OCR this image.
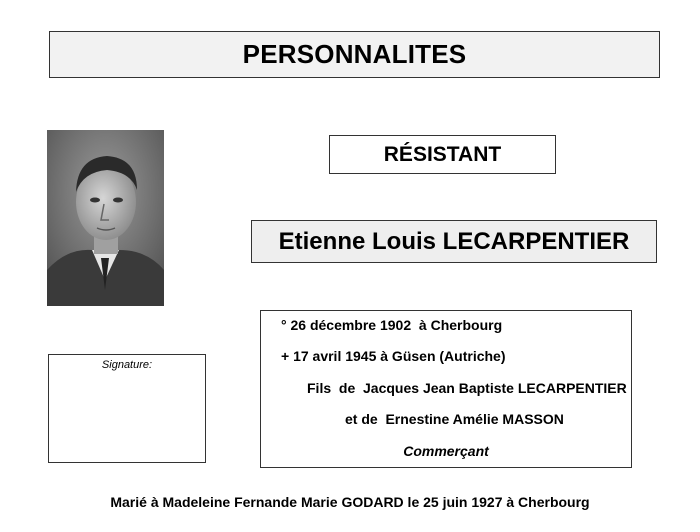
PERSONNALITES
RÉSISTANT
Etienne Louis LECARPENTIER
Signature:
° 26 décembre 1902  à Cherbourg
+ 17 avril 1945 à Güsen (Autriche)
Fils  de  Jacques Jean Baptiste LECARPENTIER
et de  Ernestine Amélie MASSON
Commerçant
Marié à Madeleine Fernande Marie GODARD le 25 juin 1927 à Cherbourg
